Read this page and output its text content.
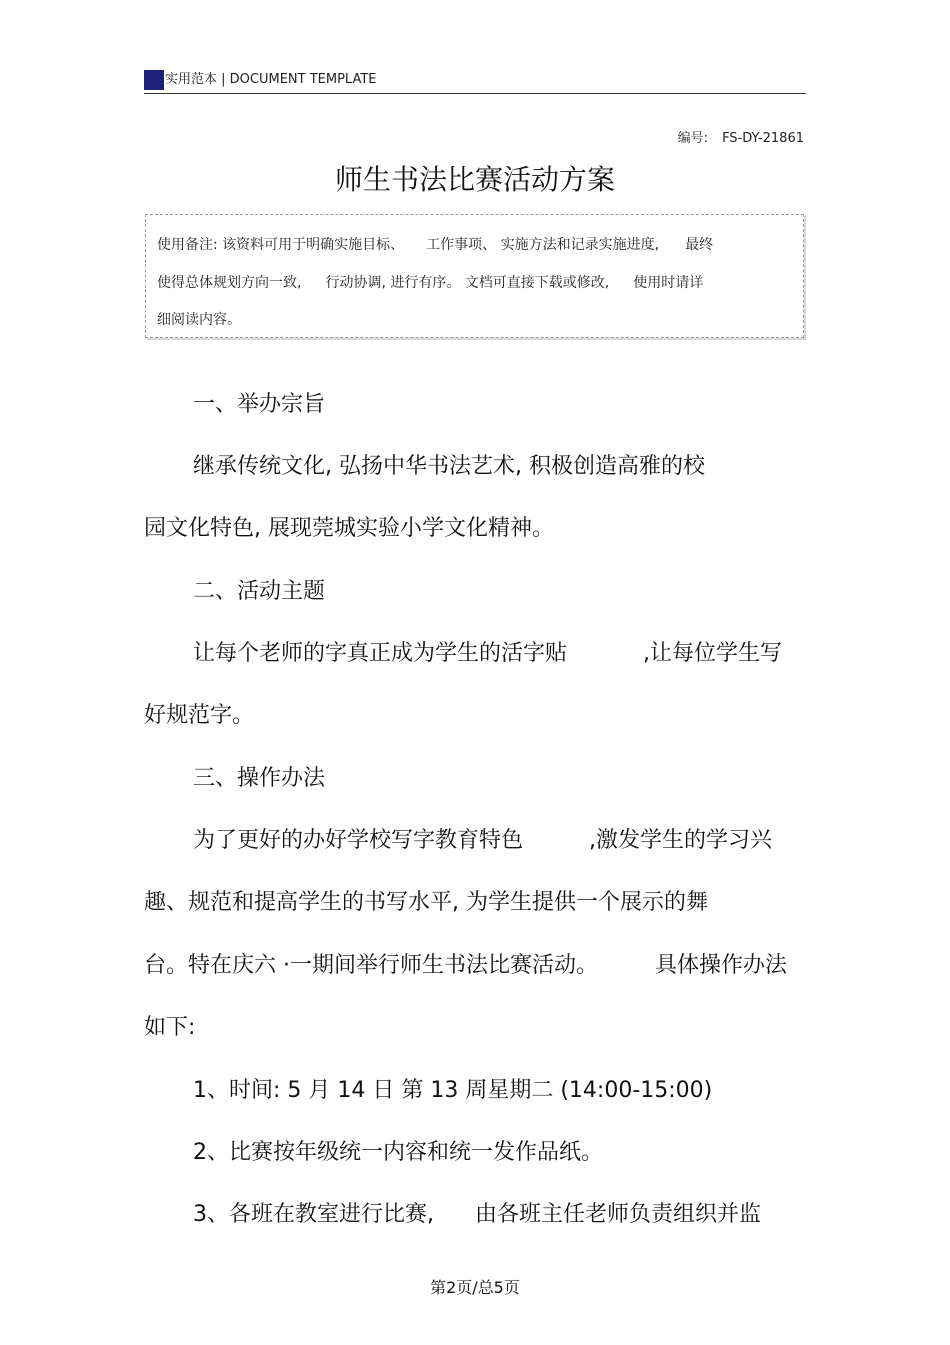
实用范本 | DOCUMENT TEMPLATE
编号: FS-DY-21861
师生书法比赛活动方案
使用备注: 该资料可用于明确实施目标、 工作事项、 实施方法和记录实施进度, 最终
使得总体规划方向一致, 行动协调, 进行有序。 文档可直接下载或修改, 使用时请详
细阅读内容。
一、举办宗旨
继承传统文化, 弘扬中华书法艺术, 积极创造高雅的校
园文化特色, 展现莞城实验小学文化精神。
二、活动主题
让每个老师的字真正成为学生的活字贴	,让每位学生写
好规范字。
三、操作办法
为了更好的办好学校写字教育特色	,激发学生的学习兴
趣、规范和提高学生的书写水平, 为学生提供一个展示的舞
台。特在庆六 ·一期间举行师生书法比赛活动。	具体操作办法
如下:
1、时间: 5 月 14 日 第 13 周星期二 (14:00-15:00)
2、比赛按年级统一内容和统一发作品纸。
3、各班在教室进行比赛, 由各班主任老师负责组织并监
第2页/总5页
